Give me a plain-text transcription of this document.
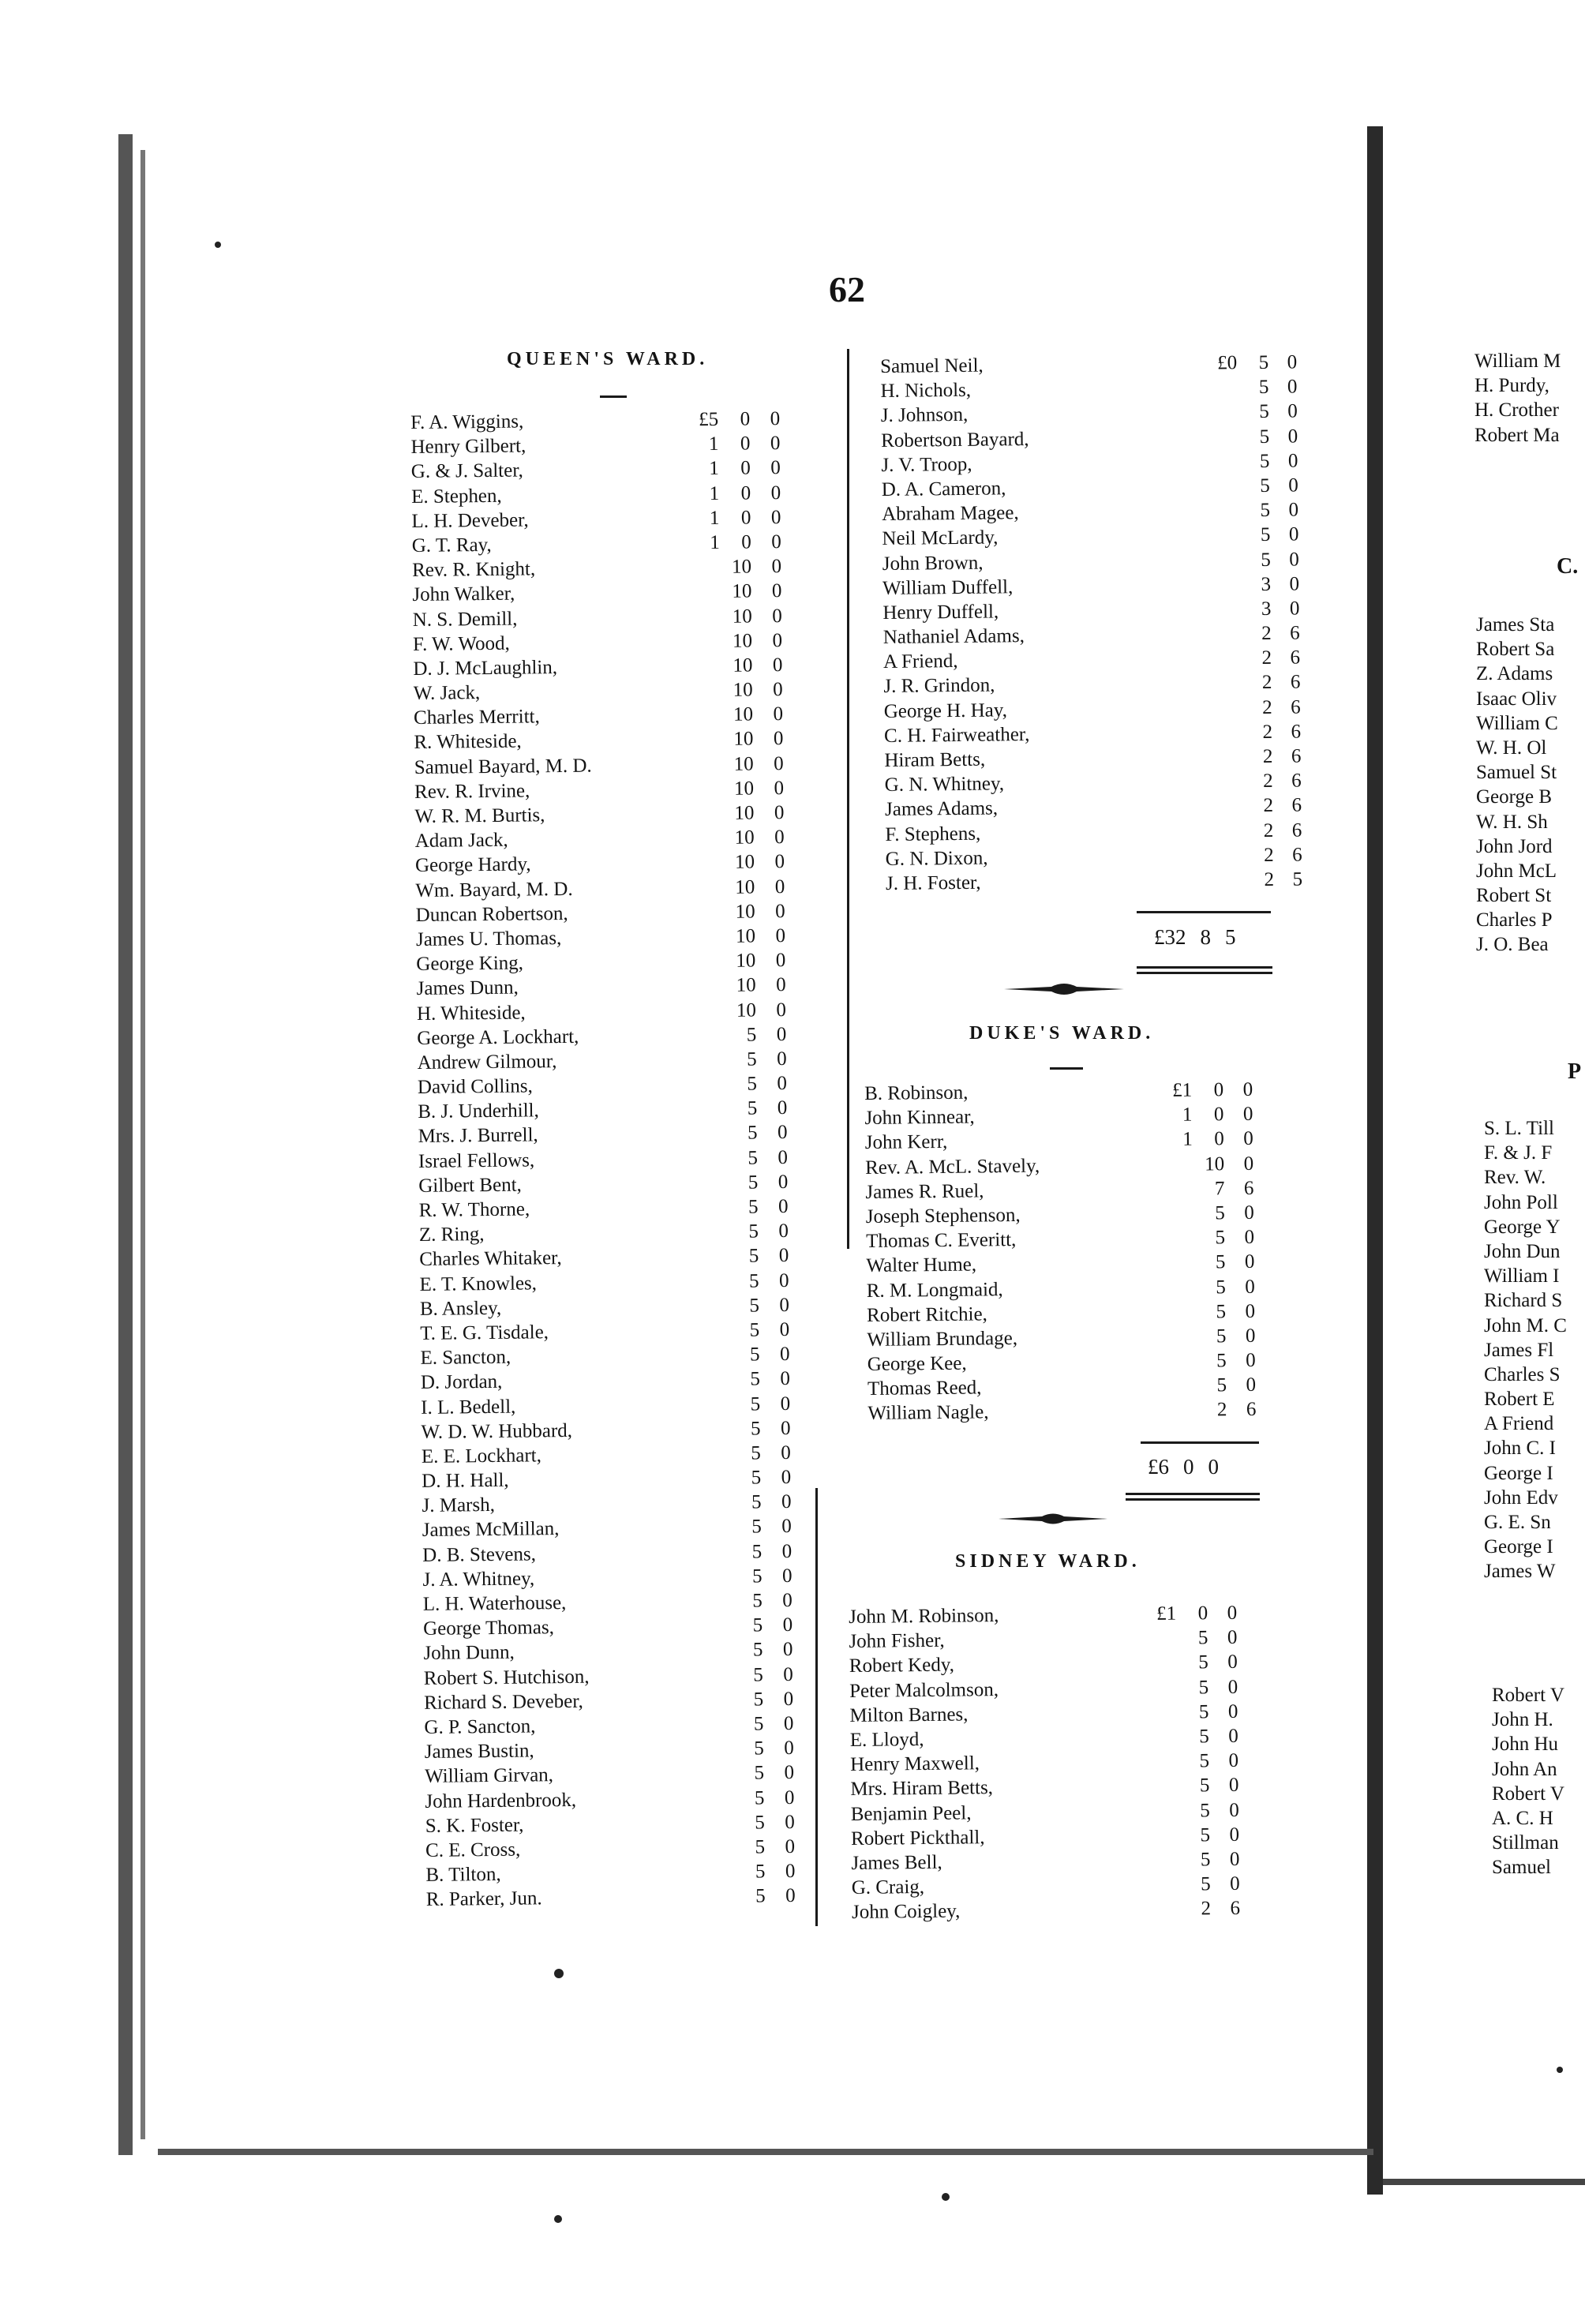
62
QUEEN'S WARD.
F. A. Wiggins,	£5	0	0
Henry Gilbert,	1	0	0
G. & J. Salter,	1	0	0
E. Stephen,	1	0	0
L. H. Deveber,	1	0	0
G. T. Ray,	1	0	0
Rev. R. Knight,	10	0
John Walker,	10	0
N. S. Demill,	10	0
F. W. Wood,	10	0
D. J. McLaughlin,	10	0
W. Jack,	10	0
Charles Merritt,	10	0
R. Whiteside,	10	0
Samuel Bayard, M. D.	10	0
Rev. R. Irvine,	10	0
W. R. M. Burtis,	10	0
Adam Jack,	10	0
George Hardy,	10	0
Wm. Bayard, M. D.	10	0
Duncan Robertson,	10	0
James U. Thomas,	10	0
George King,	10	0
James Dunn,	10	0
H. Whiteside,	10	0
George A. Lockhart,	5	0
Andrew Gilmour,	5	0
David Collins,	5	0
B. J. Underhill,	5	0
Mrs. J. Burrell,	5	0
Israel Fellows,	5	0
Gilbert Bent,	5	0
R. W. Thorne,	5	0
Z. Ring,	5	0
Charles Whitaker,	5	0
E. T. Knowles,	5	0
B. Ansley,	5	0
T. E. G. Tisdale,	5	0
E. Sancton,	5	0
D. Jordan,	5	0
I. L. Bedell,	5	0
W. D. W. Hubbard,	5	0
E. E. Lockhart,	5	0
D. H. Hall,	5	0
J. Marsh,	5	0
James McMillan,	5	0
D. B. Stevens,	5	0
J. A. Whitney,	5	0
L. H. Waterhouse,	5	0
George Thomas,	5	0
John Dunn,	5	0
Robert S. Hutchison,	5	0
Richard S. Deveber,	5	0
G. P. Sancton,	5	0
James Bustin,	5	0
William Girvan,	5	0
John Hardenbrook,	5	0
S. K. Foster,	5	0
C. E. Cross,	5	0
B. Tilton,	5	0
R. Parker, Jun.	5	0
Samuel Neil,	£0	5 0
H. Nichols,	5 0
J. Johnson,	5 0
Robertson Bayard,	5 0
J. V. Troop,	5 0
D. A. Cameron,	5 0
Abraham Magee,	5 0
Neil McLardy,	5 0
John Brown,	5 0
William Duffell,	3 0
Henry Duffell,	3 0
Nathaniel Adams,	2 6
A Friend,	2 6
J. R. Grindon,	2 6
George H. Hay,	2 6
C. H. Fairweather,	2 6
Hiram Betts,	2 6
G. N. Whitney,	2 6
James Adams,	2 6
F. Stephens,	2 6
G. N. Dixon,	2 6
J. H. Foster,	2 5
£32 8 5
DUKE'S WARD.
B. Robinson,	£1	0 0
John Kinnear,	1	0 0
John Kerr,	1	0 0
Rev. A. McL. Stavely,	10 0
James R. Ruel,	7 6
Joseph Stephenson,	5 0
Thomas C. Everitt,	5 0
Walter Hume,	5 0
R. M. Longmaid,	5 0
Robert Ritchie,	5 0
William Brundage,	5 0
George Kee,	5 0
Thomas Reed,	5 0
William Nagle,	2 6
£6 0 0
SIDNEY WARD.
John M. Robinson,	£1	0 0
John Fisher,	5 0
Robert Kedy,	5 0
Peter Malcolmson,	5 0
Milton Barnes,	5 0
E. Lloyd,	5 0
Henry Maxwell,	5 0
Mrs. Hiram Betts,	5 0
Benjamin Peel,	5 0
Robert Pickthall,	5 0
James Bell,	5 0
G. Craig,	5 0
John Coigley,	2 6
William M
H. Purdy,
H. Crother
Robert Ma
C.
James Sta
Robert Sa
Z. Adams
Isaac Oliv
William C
W. H. Ol
Samuel St
George B
W. H. Sh
John Jord
John McL
Robert St
Charles P
J. O. Bea
P
S. L. Till
F. & J. F
Rev. W.
John Poll
George Y
John Dun
William I
Richard S
John M. C
James Fl
Charles S
Robert E
A Friend
John C. I
George I
John Edv
G. E. Sn
George I
James W
Robert V
John H.
John Hu
John An
Robert V
A. C. H
Stillman
Samuel
